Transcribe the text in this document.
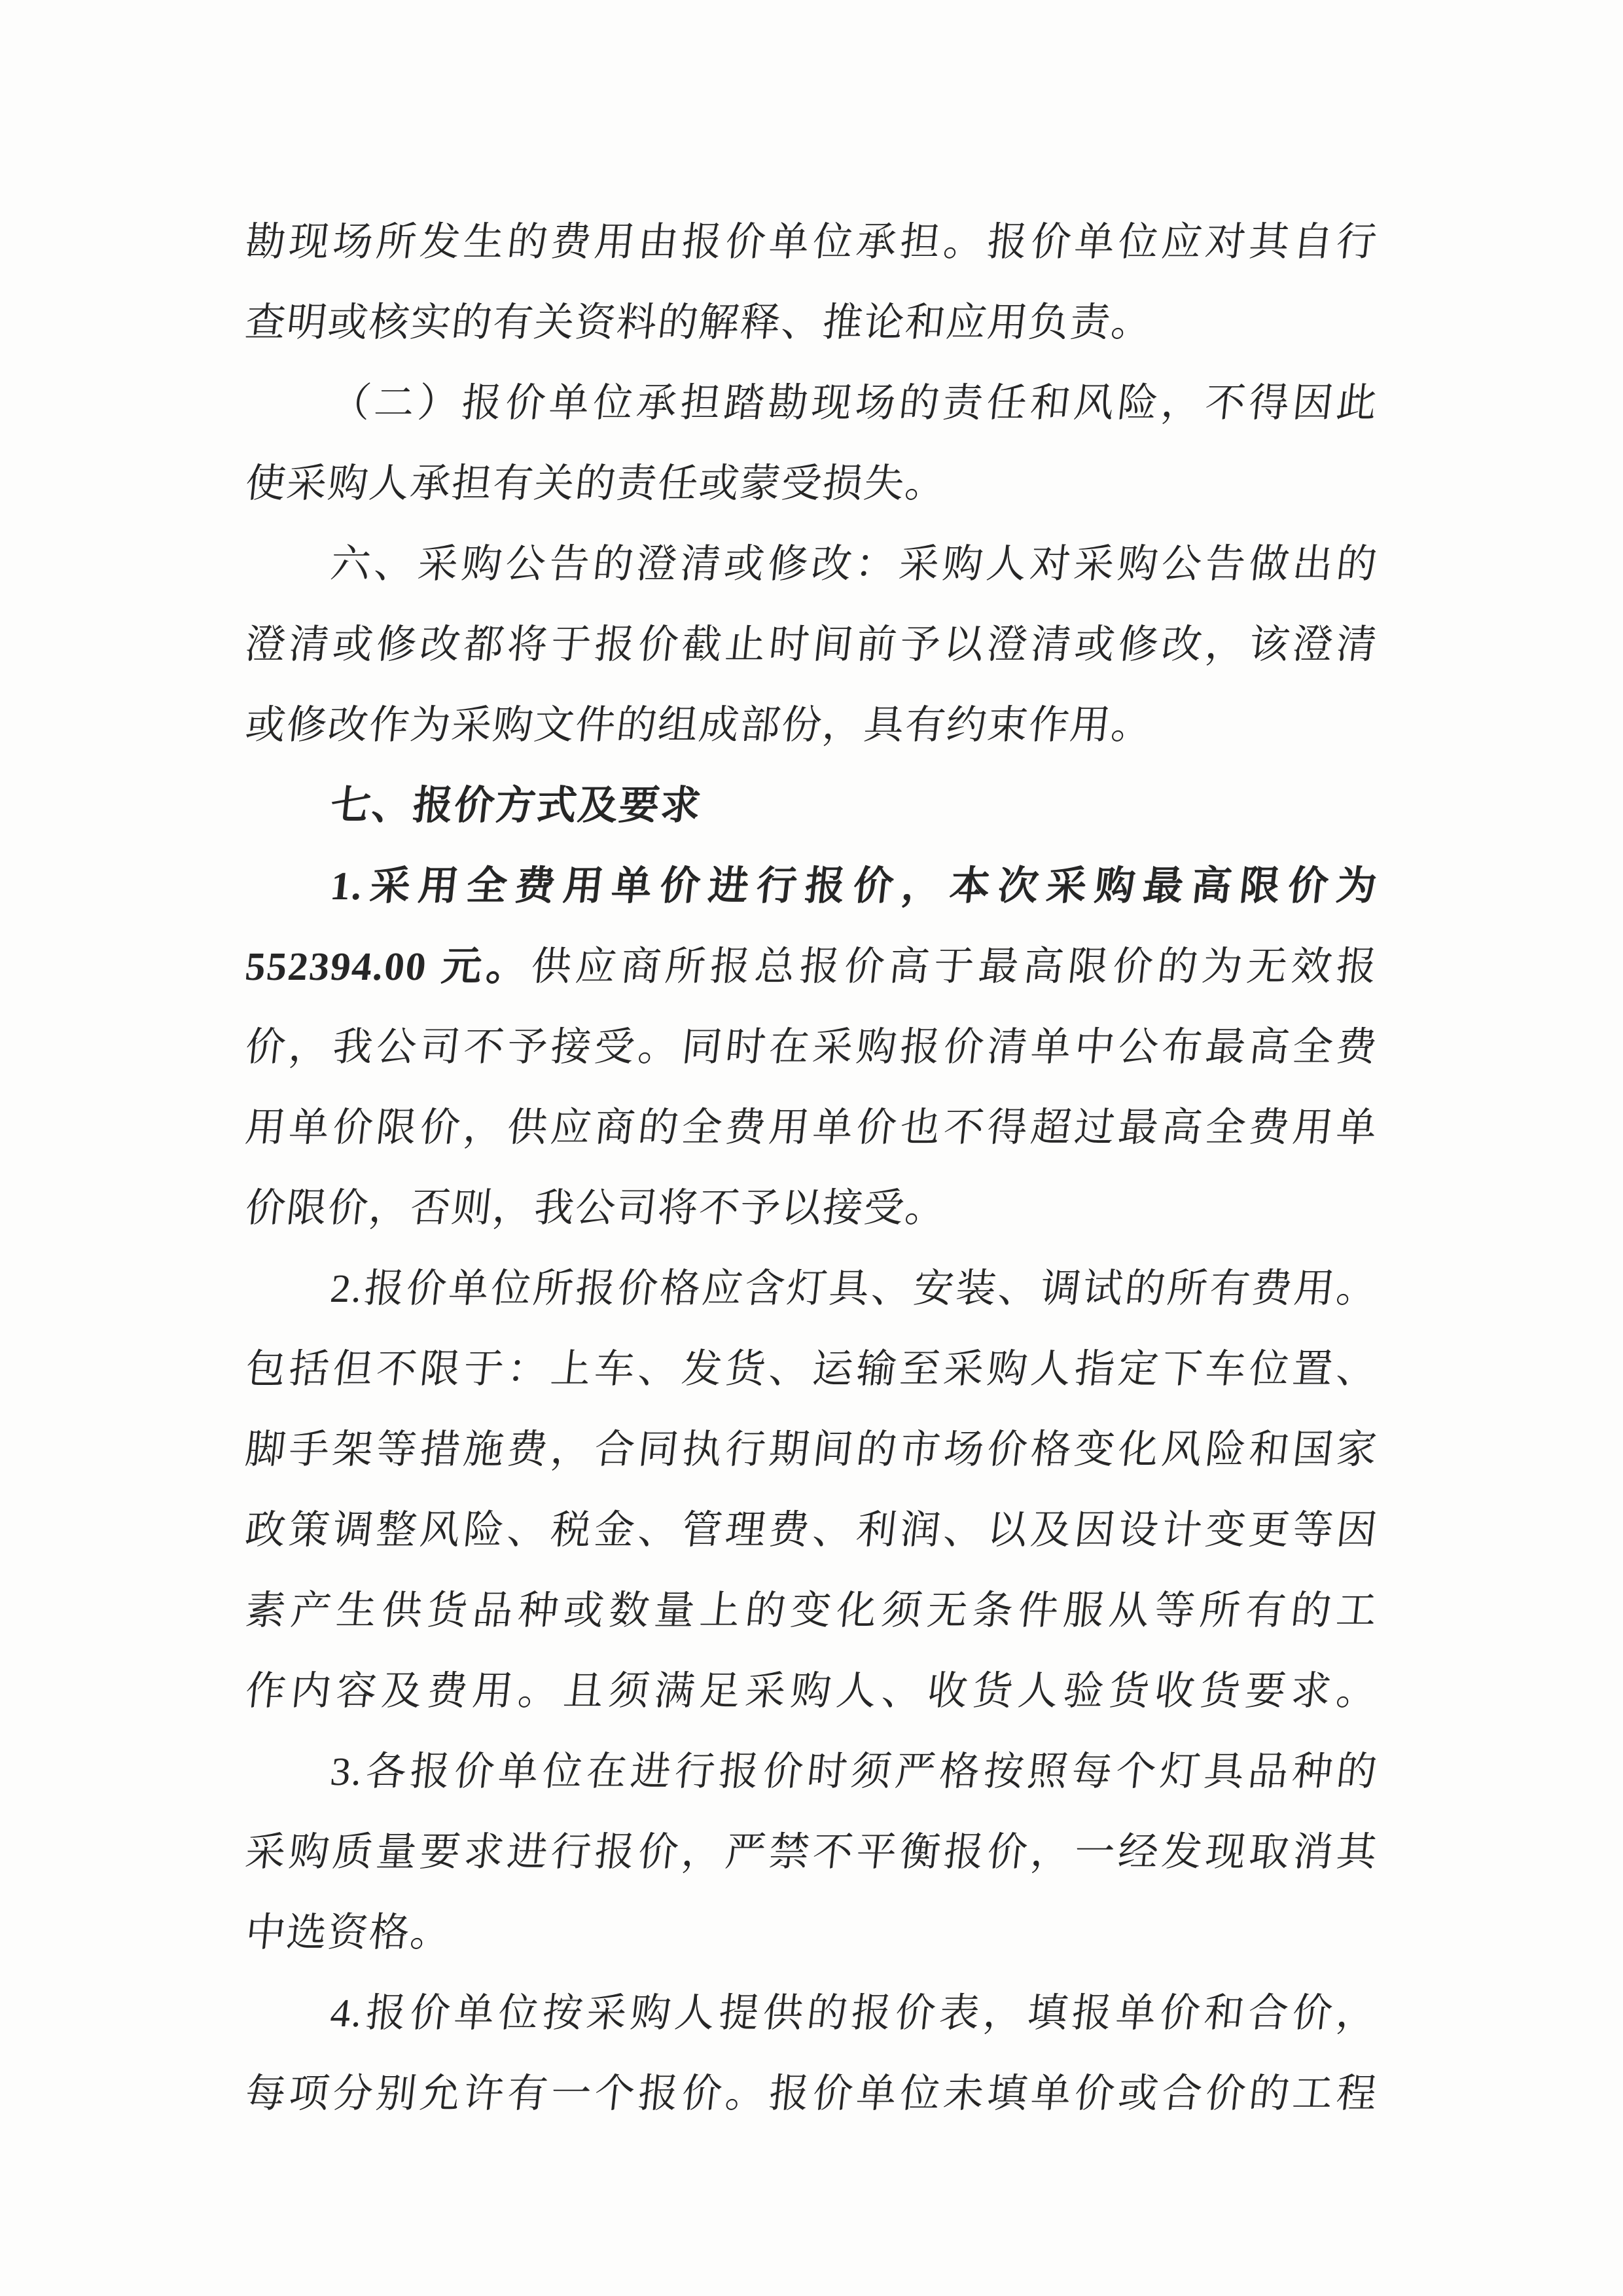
勘现场所发生的费用由报价单位承担。报价单位应对其自行
查明或核实的有关资料的解释、推论和应用负责。
（二）报价单位承担踏勘现场的责任和风险，不得因此
使采购人承担有关的责任或蒙受损失。
六、采购公告的澄清或修改：采购人对采购公告做出的
澄清或修改都将于报价截止时间前予以澄清或修改，该澄清
或修改作为采购文件的组成部份，具有约束作用。
七、报价方式及要求
1.采用全费用单价进行报价，本次采购最高限价为
552394.00 元。供应商所报总报价高于最高限价的为无效报
价，我公司不予接受。同时在采购报价清单中公布最高全费
用单价限价，供应商的全费用单价也不得超过最高全费用单
价限价，否则，我公司将不予以接受。
2.报价单位所报价格应含灯具、安装、调试的所有费用。
包括但不限于：上车、发货、运输至采购人指定下车位置、
脚手架等措施费，合同执行期间的市场价格变化风险和国家
政策调整风险、税金、管理费、利润、以及因设计变更等因
素产生供货品种或数量上的变化须无条件服从等所有的工
作内容及费用。且须满足采购人、收货人验货收货要求。
3.各报价单位在进行报价时须严格按照每个灯具品种的
采购质量要求进行报价，严禁不平衡报价，一经发现取消其
中选资格。
4.报价单位按采购人提供的报价表，填报单价和合价，
每项分别允许有一个报价。报价单位未填单价或合价的工程
